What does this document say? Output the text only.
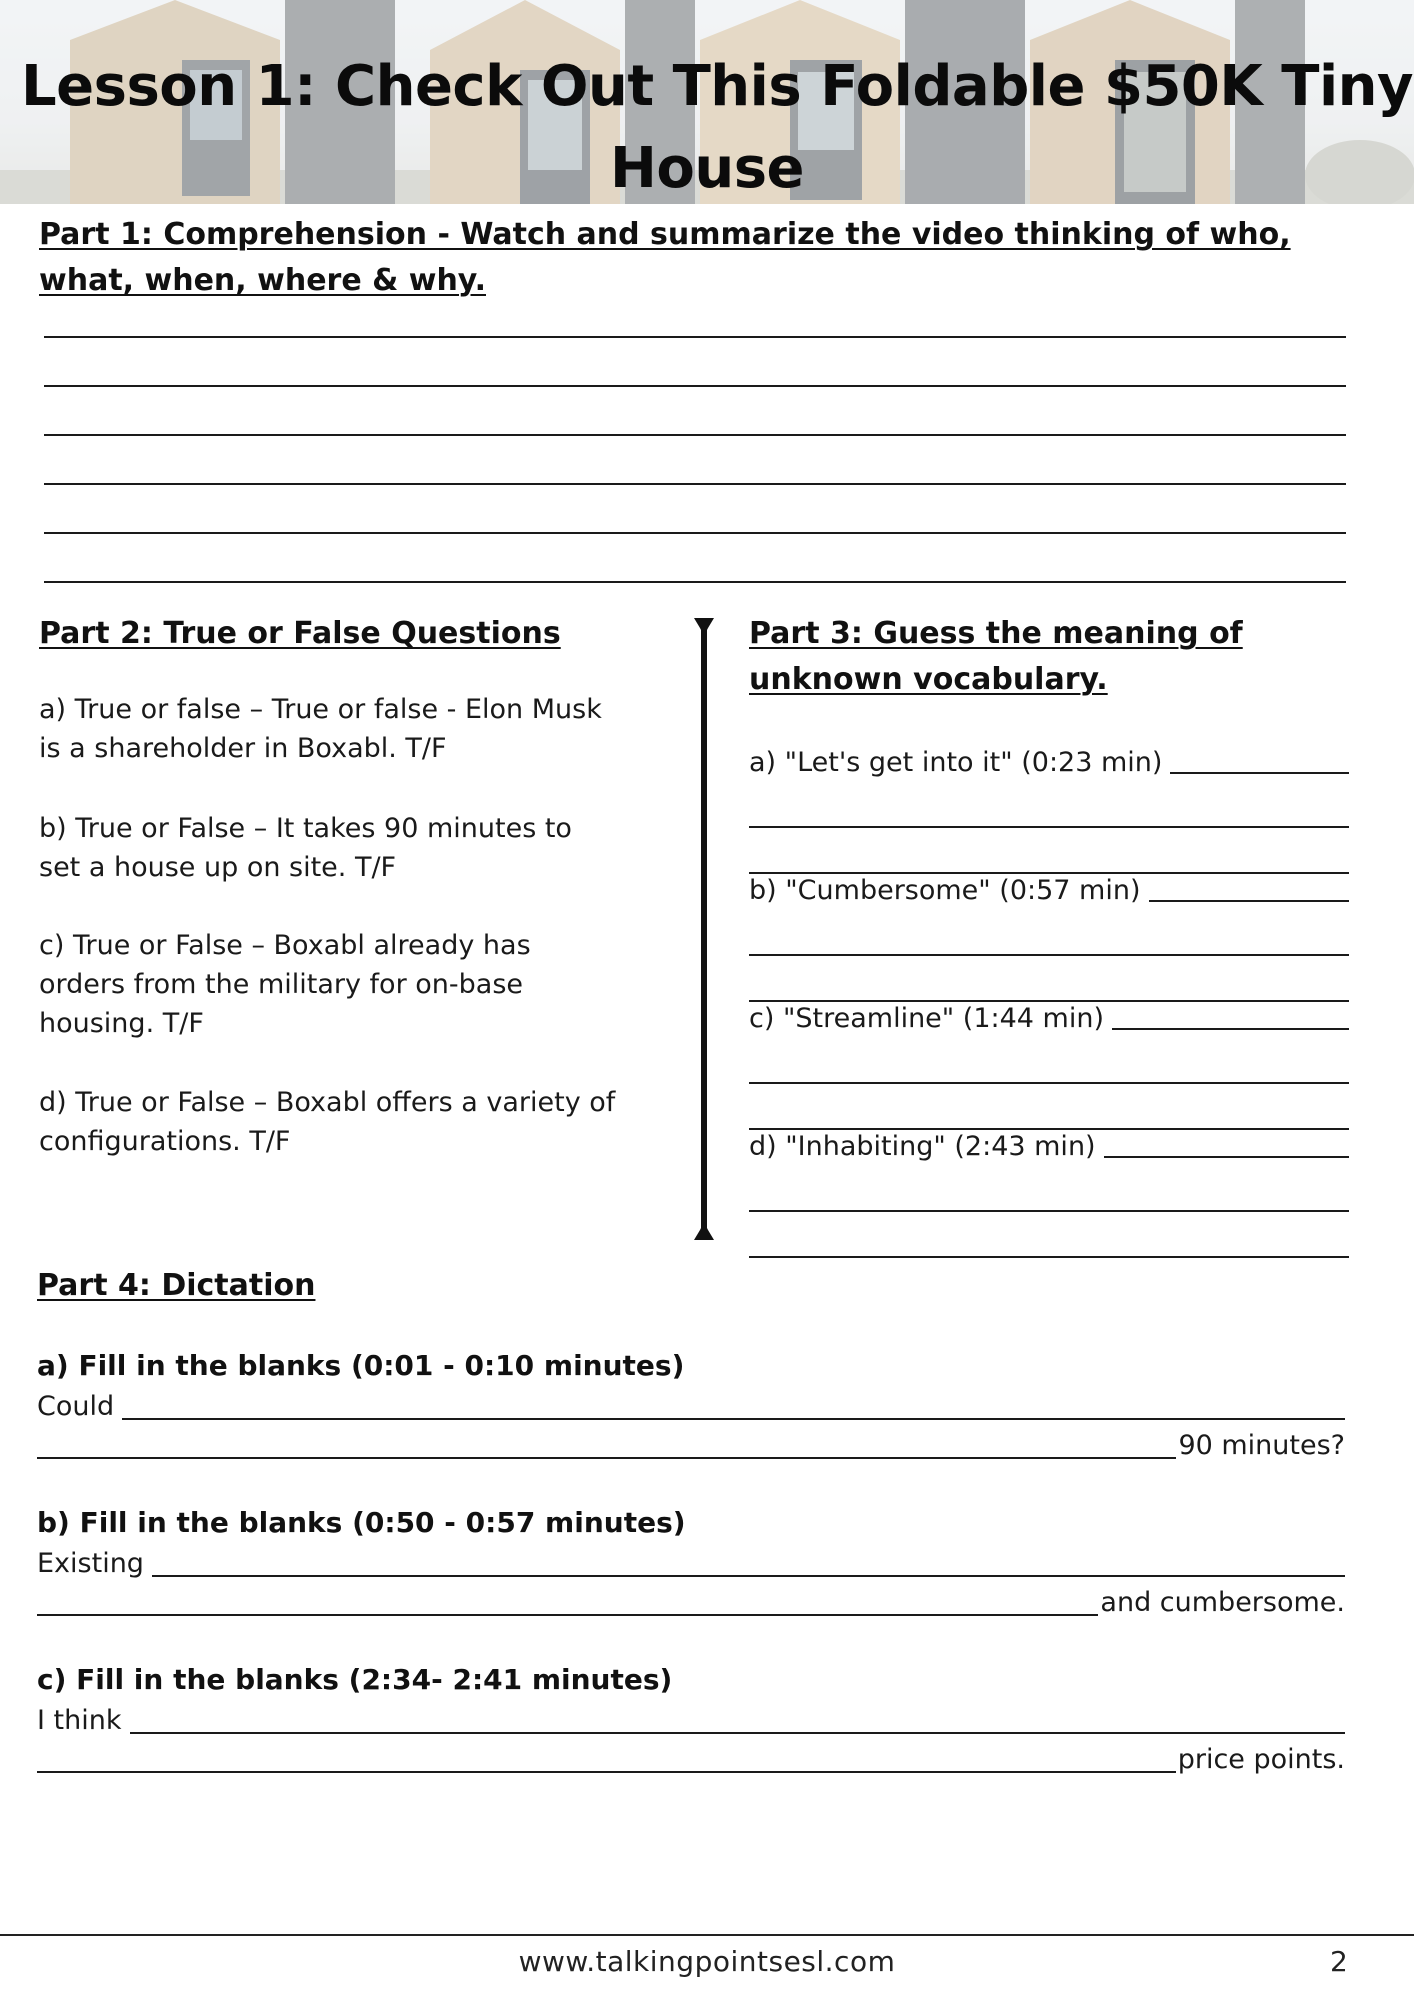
Lesson 1: Check Out This Foldable $50K Tiny
House
Part 1: Comprehension - Watch and summarize the video thinking of who,
what, when, where & why.
Part 2: True or False Questions
a) True or false – True or false - Elon Musk
is a shareholder in Boxabl. T/F
b) True or False – It takes 90 minutes to
set a house up on site. T/F
c) True or False – Boxabl already has
orders from the military for on-base
housing. T/F
d) True or False – Boxabl offers a variety of
configurations. T/F
Part 3: Guess the meaning of
unknown vocabulary.
a) "Let's get into it" (0:23 min)
b) "Cumbersome" (0:57 min)
c) "Streamline" (1:44 min)
d) "Inhabiting" (2:43 min)
Part 4: Dictation
a) Fill in the blanks (0:01 - 0:10 minutes)
Could
90 minutes?
b) Fill in the blanks (0:50 - 0:57 minutes)
Existing
and cumbersome.
c) Fill in the blanks (2:34- 2:41 minutes)
I think
price points.
www.talkingpointsesl.com	2
